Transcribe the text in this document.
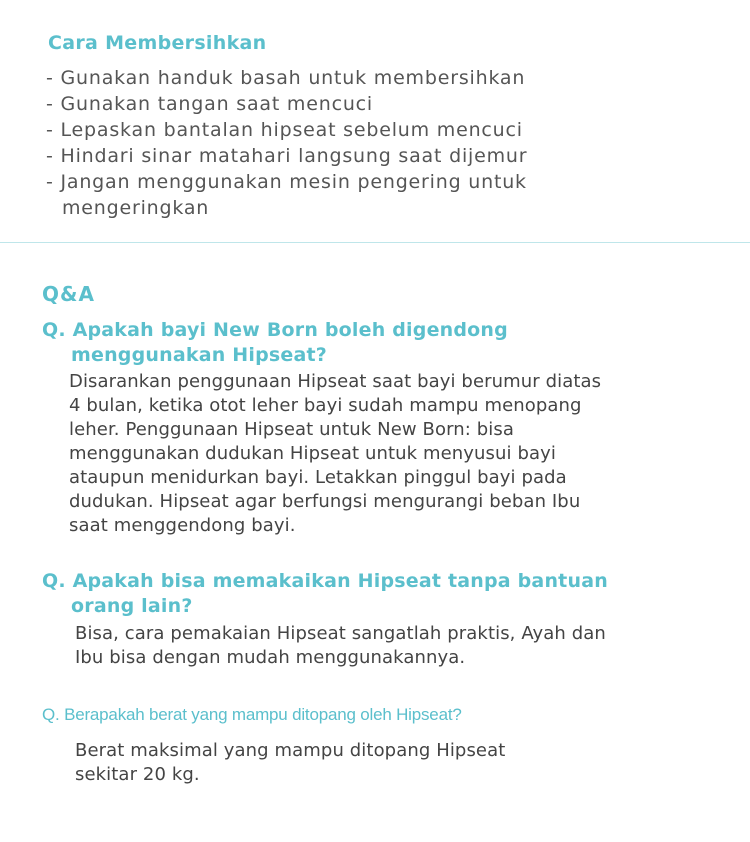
Cara Membersihkan
- Gunakan handuk basah untuk membersihkan
- Gunakan tangan saat mencuci
- Lepaskan bantalan hipseat sebelum mencuci
- Hindari sinar matahari langsung saat dijemur
- Jangan menggunakan mesin pengering untuk
mengeringkan
Q&A
Q. Apakah bayi New Born boleh digendong
menggunakan Hipseat?
Disarankan penggunaan Hipseat saat bayi berumur diatas
4 bulan, ketika otot leher bayi sudah mampu menopang
leher. Penggunaan Hipseat untuk New Born: bisa
menggunakan dudukan Hipseat untuk menyusui bayi
ataupun menidurkan bayi. Letakkan pinggul bayi pada
dudukan. Hipseat agar berfungsi mengurangi beban Ibu
saat menggendong bayi.
Q. Apakah bisa memakaikan Hipseat tanpa bantuan
orang lain?
Bisa, cara pemakaian Hipseat sangatlah praktis, Ayah dan
Ibu bisa dengan mudah menggunakannya.
Q. Berapakah berat yang mampu ditopang oleh Hipseat?
Berat maksimal yang mampu ditopang Hipseat
sekitar 20 kg.
